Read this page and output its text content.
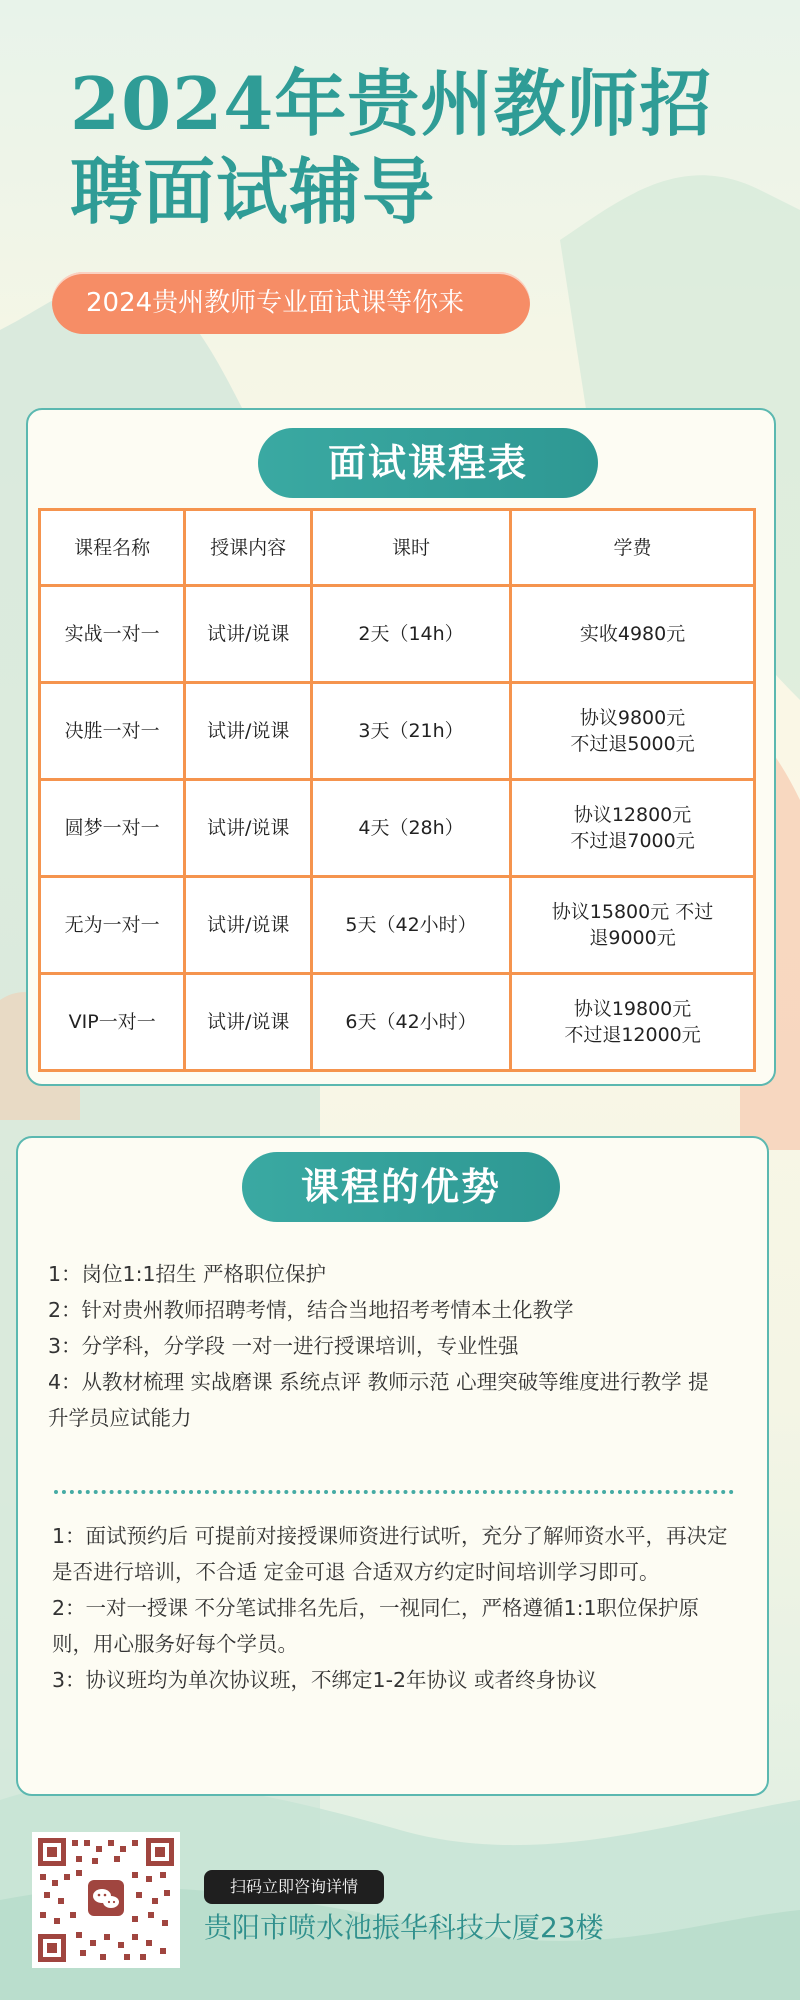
2024年贵州教师招聘面试辅导
2024贵州教师专业面试课等你来
面试课程表
课程名称	授课内容	课时	学费
实战一对一	试讲/说课	2天（14h）	实收4980元

决胜一对一	试讲/说课	3天（21h）	协议9800元
不过退5000元

圆梦一对一	试讲/说课	4天（28h）	协议12800元
不过退7000元

无为一对一	试讲/说课	5天（42小时）	协议15800元 不过
退9000元

VIP一对一	试讲/说课	6天（42小时）	协议19800元
不过退12000元
课程的优势

1：岗位1:1招生 严格职位保护

2：针对贵州教师招聘考情，结合当地招考考情本土化教学

3：分学科，分学段 一对一进行授课培训，专业性强

4：从教材梳理 实战磨课 系统点评 教师示范 心理突破等维度进行教学 提升学员应试能力

1：面试预约后 可提前对接授课师资进行试听，充分了解师资水平，再决定是否进行培训，不合适 定金可退 合适双方约定时间培训学习即可。

2：一对一授课 不分笔试排名先后，一视同仁，严格遵循1:1职位保护原则，用心服务好每个学员。

3：协议班均为单次协议班，不绑定1-2年协议 或者终身协议

扫码立即咨询详情
贵阳市喷水池振华科技大厦23楼
